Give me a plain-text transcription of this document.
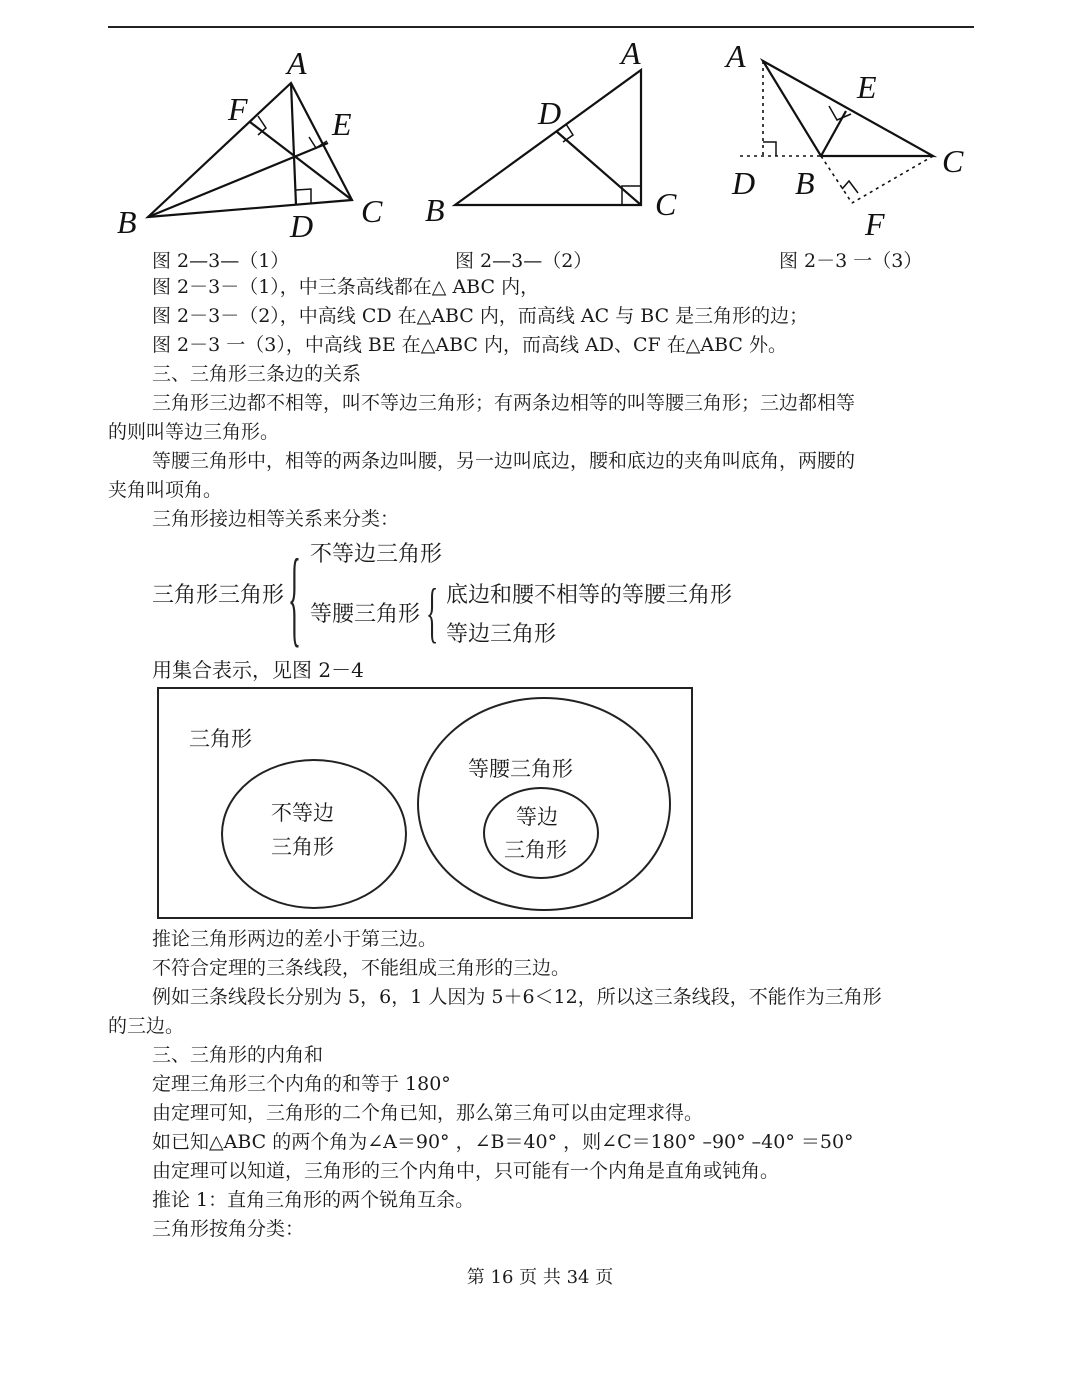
A
F	E
B	D C
A
D
B	C
A
E
C
D B
F
图 2—3—（1）	图 2—3—（2）	图 2－3 一（3）
图 2－3－（1），中三条高线都在△ ABC 内，
图 2－3－（2），中高线 CD 在△ABC 内，而高线 AC 与 BC 是三角形的边；
图 2－3 一（3），中高线 BE 在△ABC 内，而高线 AD、CF 在△ABC 外。
三、三角形三条边的关系
三角形三边都不相等，叫不等边三角形；有两条边相等的叫等腰三角形；三边都相等
的则叫等边三角形。
等腰三角形中，相等的两条边叫腰，另一边叫底边，腰和底边的夹角叫底角，两腰的
夹角叫项角。
三角形接边相等关系来分类：
三角形三角形 { 不等边三角形
等腰三角形 { 底边和腰不相等的等腰三角形
等边三角形
用集合表示，见图 2－4
三角形
不等边
三角形
等腰三角形
等边
三角形
推论三角形两边的差小于第三边。
不符合定理的三条线段，不能组成三角形的三边。
例如三条线段长分别为 5，6，1 人因为 5＋6＜12，所以这三条线段，不能作为三角形
的三边。
三、三角形的内角和
定理三角形三个内角的和等于 180°
由定理可知，三角形的二个角已知，那么第三角可以由定理求得。
如已知△ABC 的两个角为∠A＝90° ，∠B＝40° ，则∠C＝180° –90° –40° ＝50°
由定理可以知道，三角形的三个内角中，只可能有一个内角是直角或钝角。
推论 1：直角三角形的两个锐角互余。
三角形按角分类：
第 16 页 共 34 页
